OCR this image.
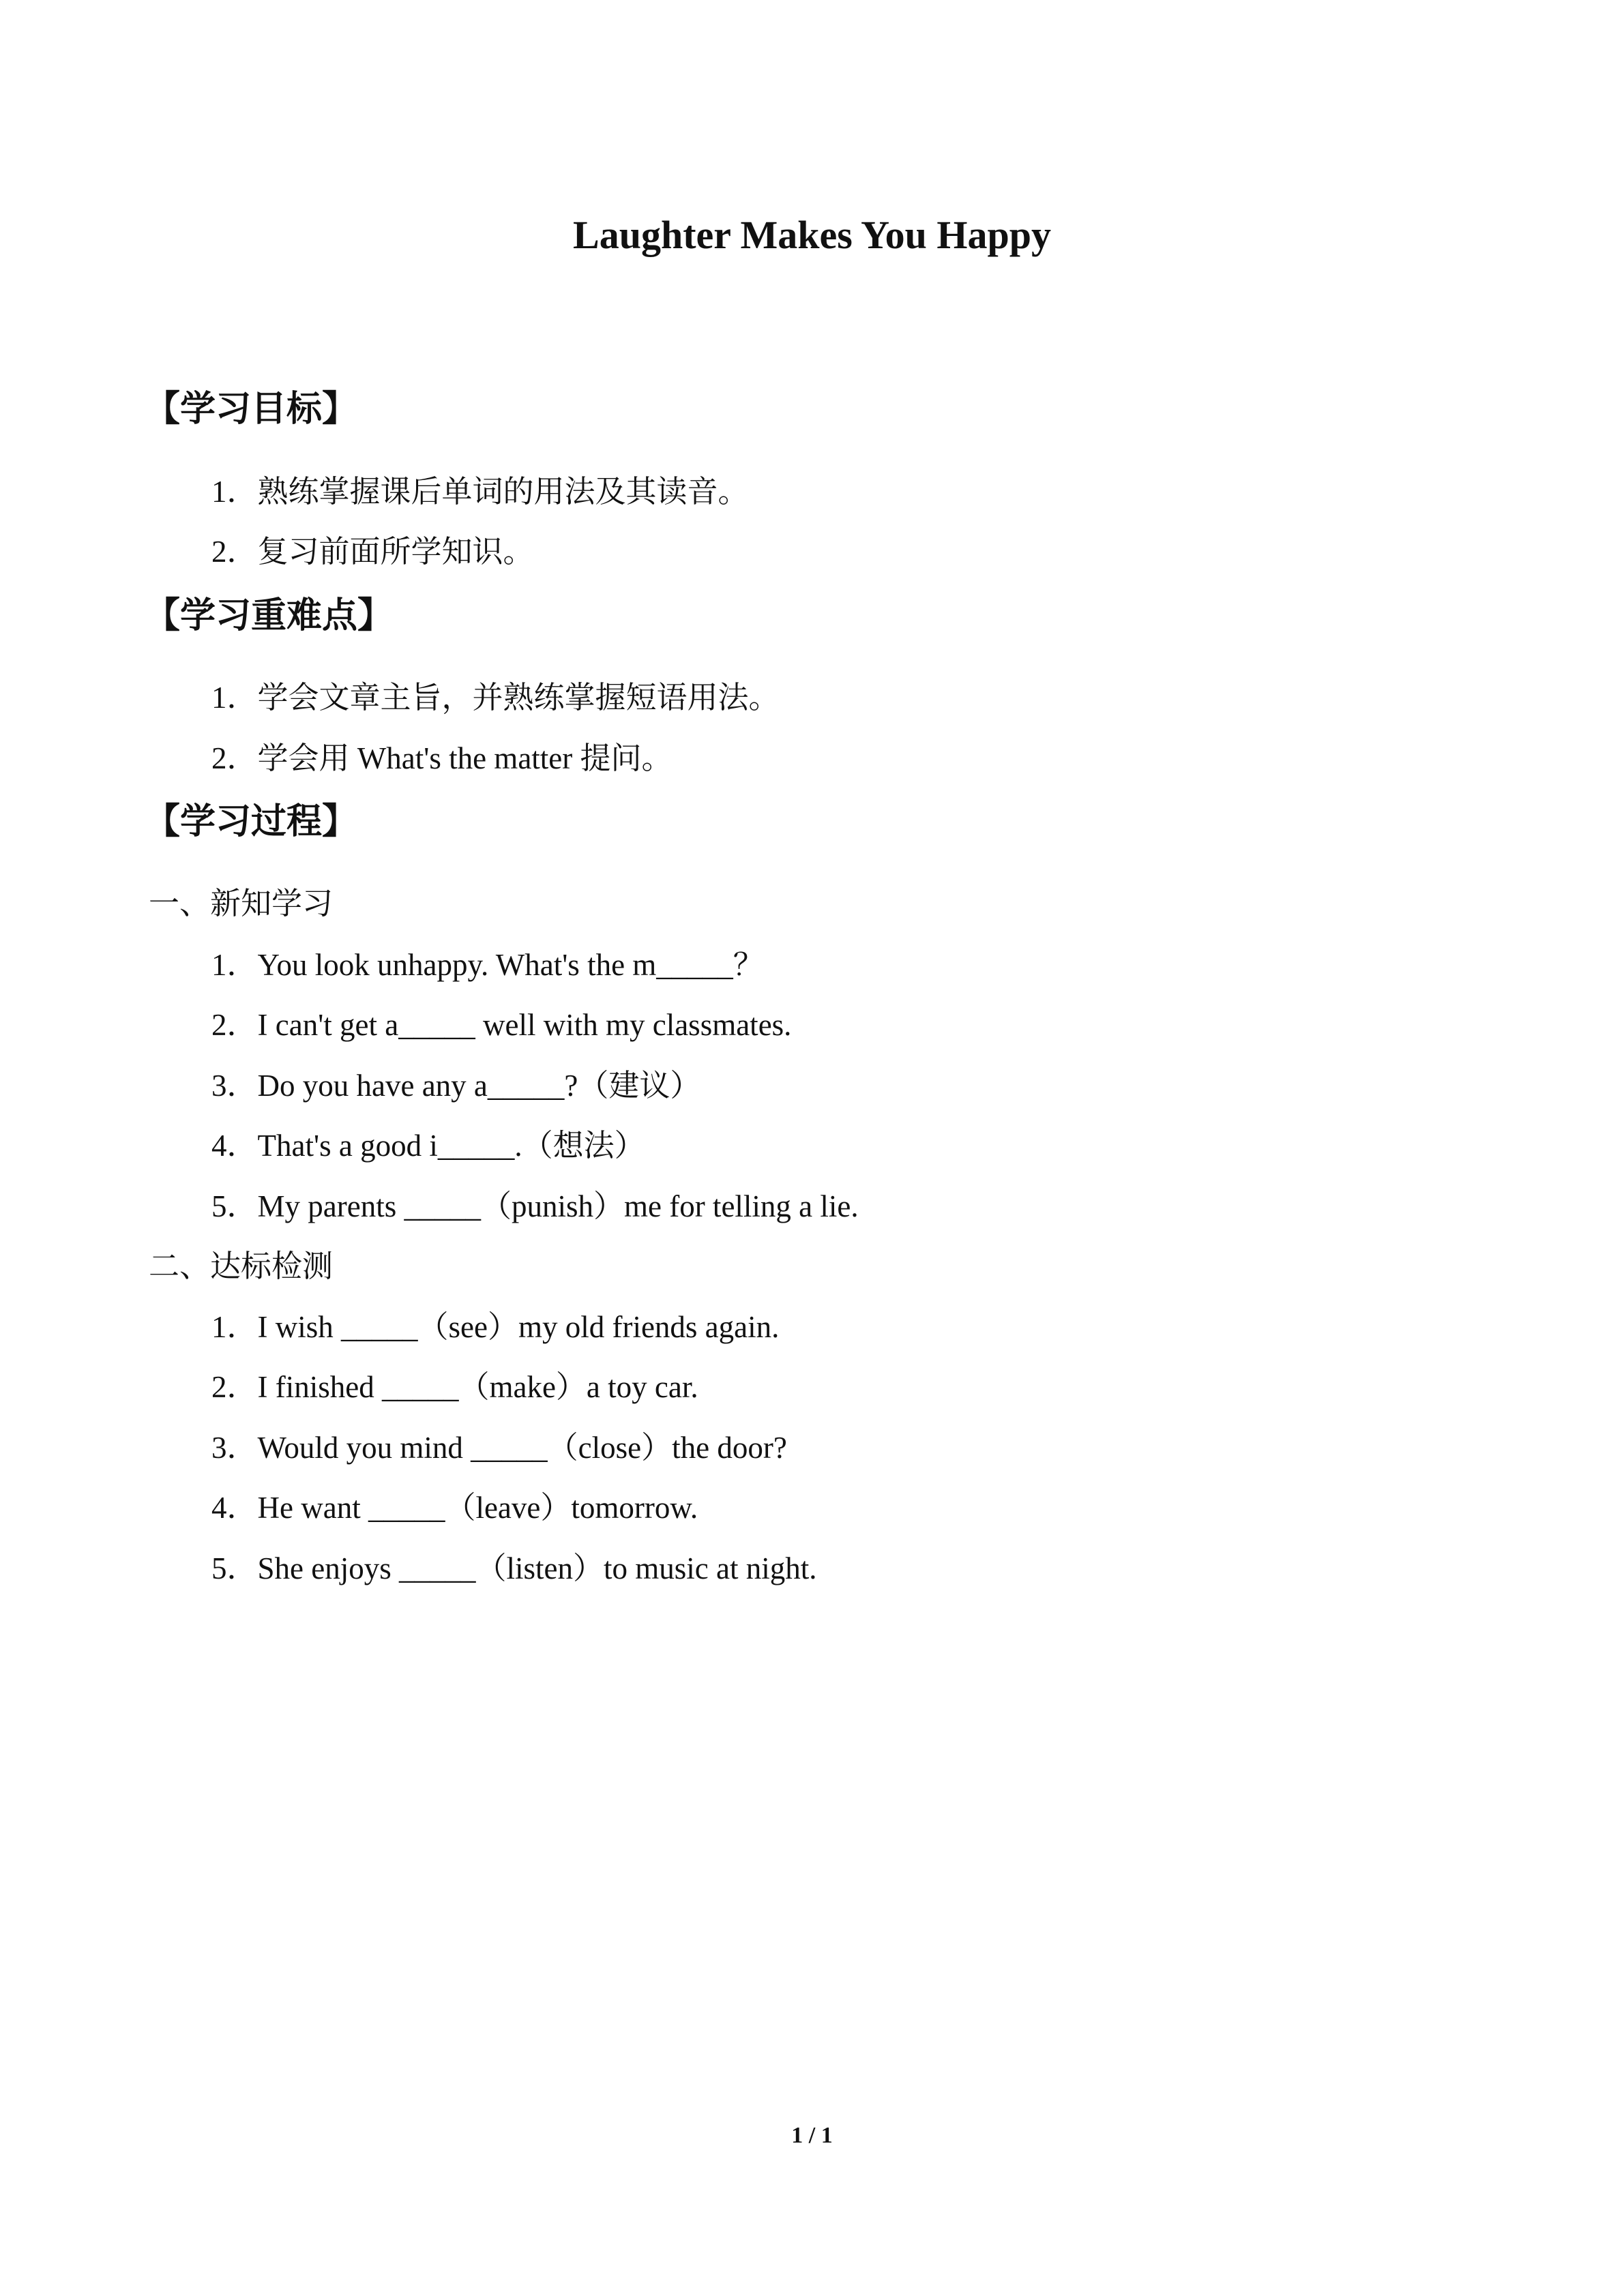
Laughter Makes You Happy
【学习目标】
1．熟练掌握课后单词的用法及其读音。
2．复习前面所学知识。
【学习重难点】
1．学会文章主旨，并熟练掌握短语用法。
2．学会用 What's the matter 提问。
【学习过程】
一、新知学习
1．You look unhappy. What's the m_____？
2．I can't get a_____ well with my classmates.
3．Do you have any a_____?（建议）
4．That's a good i_____.（想法）
5．My parents _____（punish）me for telling a lie.
二、达标检测
1．I wish _____（see）my old friends again.
2．I finished _____（make）a toy car.
3．Would you mind _____（close）the door?
4．He want _____（leave）tomorrow.
5．She enjoys _____（listen）to music at night.
1 / 1
